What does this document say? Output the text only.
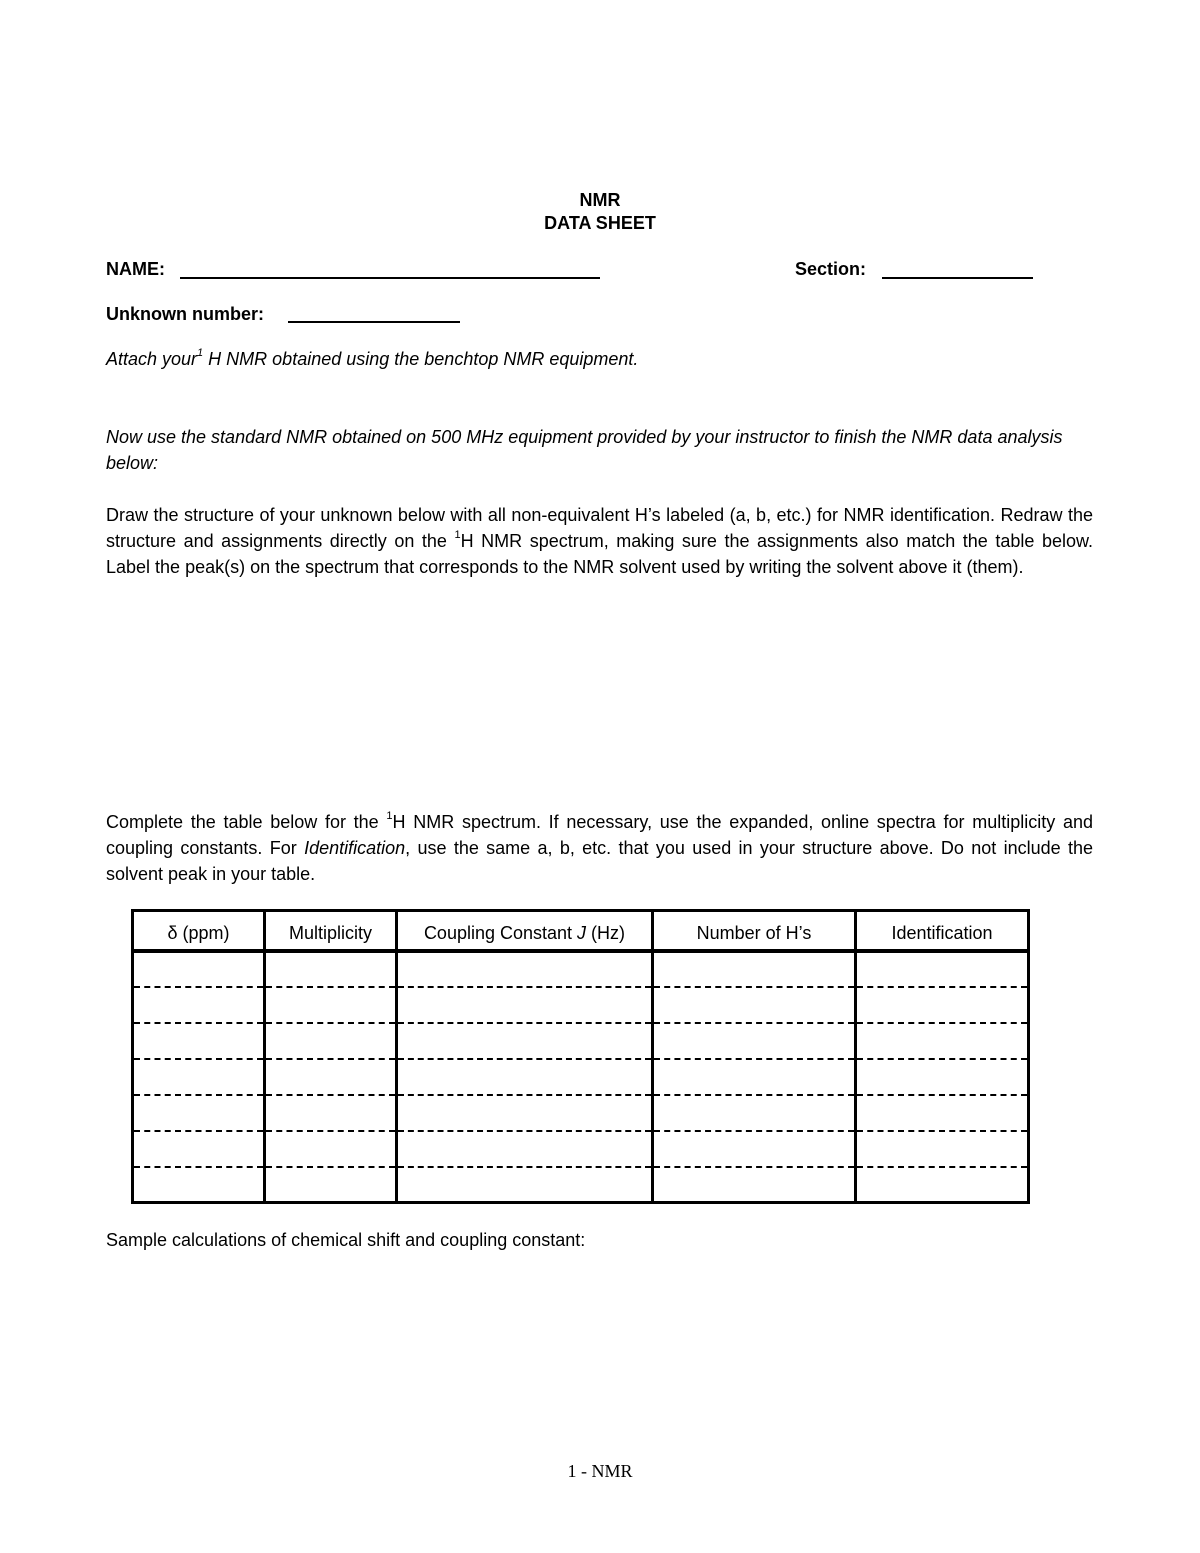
NMR
DATA SHEET
NAME:	Section:
Unknown number:
Attach your$^1$ H NMR obtained using the benchtop NMR equipment.
Now use the standard NMR obtained on 500 MHz equipment provided by your instructor to finish the NMR data analysis below:
Draw the structure of your unknown below with all non-equivalent H’s labeled (a, b, etc.) for NMR identification. Redraw the structure and assignments directly on the $^1$H NMR spectrum, making sure the assignments also match the table below. Label the peak(s) on the spectrum that corresponds to the NMR solvent used by writing the solvent above it (them).
Complete the table below for the $^1$H NMR spectrum. If necessary, use the expanded, online spectra for multiplicity and coupling constants. For Identification, use the same a, b, etc. that you used in your structure above. Do not include the solvent peak in your table.
δ (ppm)	Multiplicity	Coupling Constant J (Hz)	Number of H’s	Identification

Sample calculations of chemical shift and coupling constant:
1 - NMR
